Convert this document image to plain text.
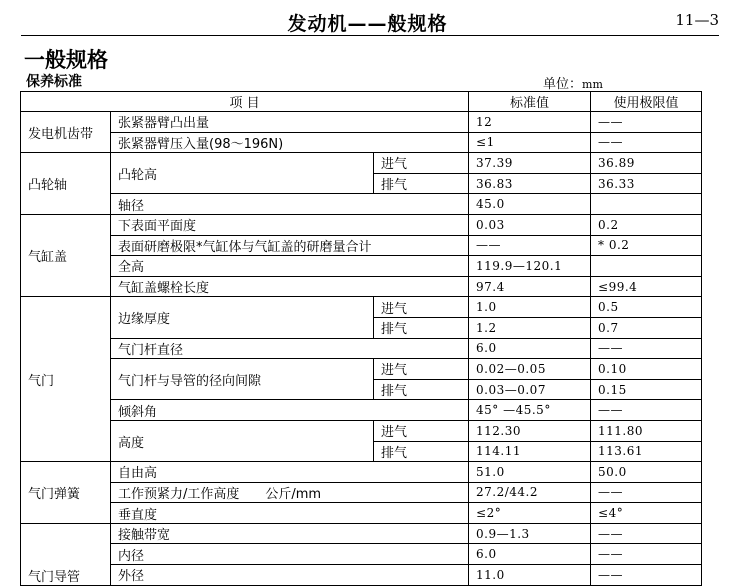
发动机——般规格	11—3
一般规格
保养标准	单位：mm
项 目			标准值	使用极限值
发电机齿带	张紧器臂凸出量		12	——
	张紧器臂压入量(98～196N)		≤1	——
凸轮轴	凸轮高	进气	37.39	36.89
		排气	36.83	36.33
	轴径		45.0	
气缸盖	下表面平面度		0.03	0.2
	表面研磨极限*气缸体与气缸盖的研磨量合计		——	* 0.2
	全高		119.9—120.1	
	气缸盖螺栓长度		97.4	≤99.4
气门	边缘厚度	进气	1.0	0.5
		排气	1.2	0.7
	气门杆直径		6.0	——
	气门杆与导管的径向间隙	进气	0.02—0.05	0.10
		排气	0.03—0.07	0.15
	倾斜角		45° —45.5°	——
	高度	进气	112.30	111.80
		排气	114.11	113.61
气门弹簧	自由高		51.0	50.0
	工作预紧力/工作高度　　公斤/mm		27.2/44.2	——
	垂直度		≤2°	≤4°
气门导管	接触带宽		0.9—1.3	——
	内径		6.0	——
	外径		11.0	——
